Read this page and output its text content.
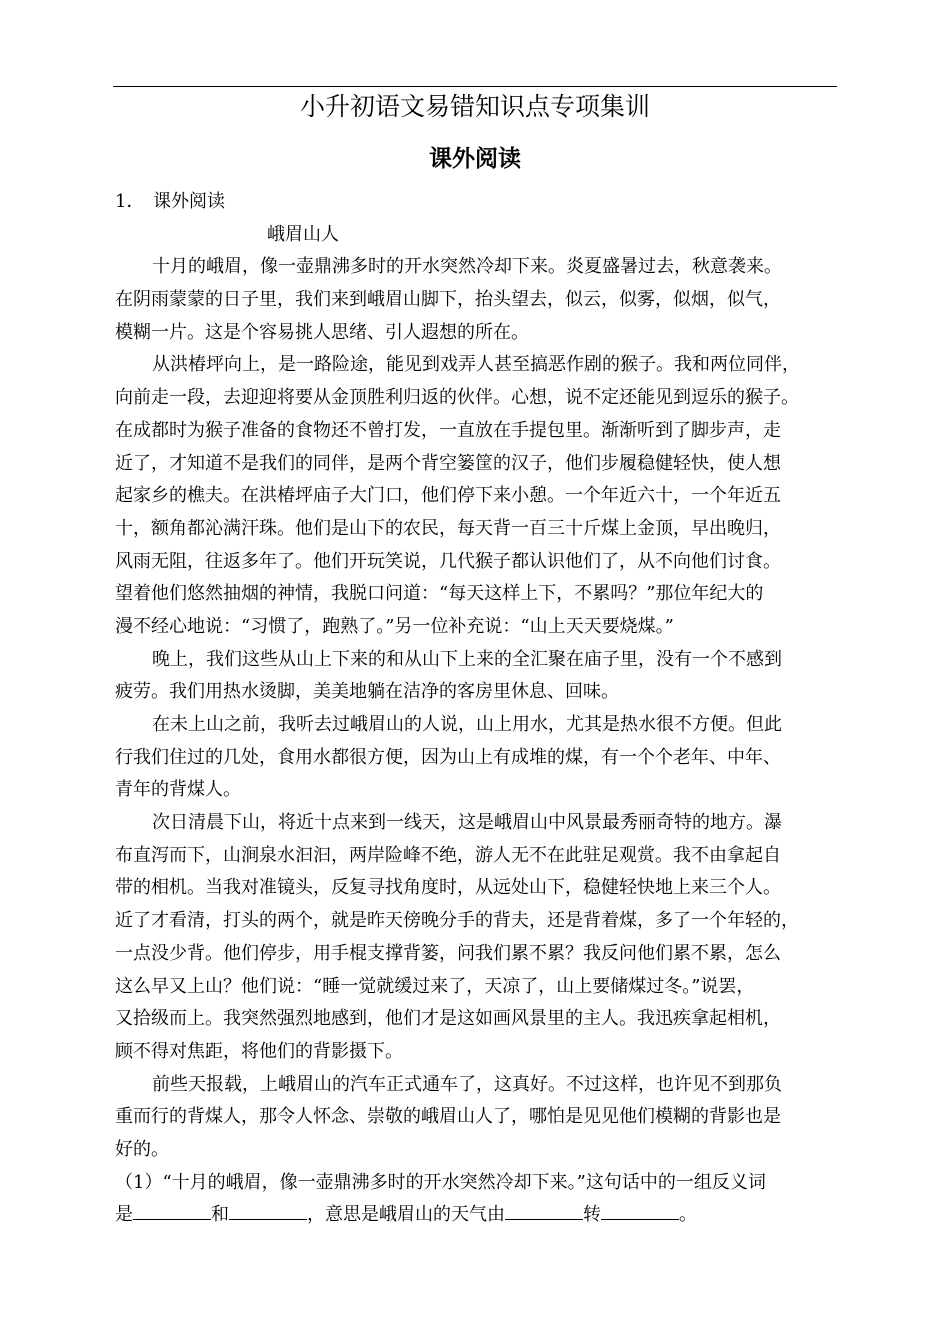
小升初语文易错知识点专项集训
课外阅读
1． 课外阅读
峨眉山人
十月的峨眉，像一壶鼎沸多时的开水突然冷却下来。炎夏盛暑过去，秋意袭来。
在阴雨蒙蒙的日子里，我们来到峨眉山脚下，抬头望去，似云，似雾，似烟，似气，
模糊一片。这是个容易挑人思绪、引人遐想的所在。
从洪椿坪向上，是一路险途，能见到戏弄人甚至搞恶作剧的猴子。我和两位同伴，
向前走一段，去迎迎将要从金顶胜利归返的伙伴。心想，说不定还能见到逗乐的猴子。
在成都时为猴子准备的食物还不曾打发，一直放在手提包里。渐渐听到了脚步声，走
近了，才知道不是我们的同伴，是两个背空篓筐的汉子，他们步履稳健轻快，使人想
起家乡的樵夫。在洪椿坪庙子大门口，他们停下来小憩。一个年近六十，一个年近五
十，额角都沁满汗珠。他们是山下的农民，每天背一百三十斤煤上金顶，早出晚归，
风雨无阻，往返多年了。他们开玩笑说，几代猴子都认识他们了，从不向他们讨食。
望着他们悠然抽烟的神情，我脱口问道：“每天这样上下，不累吗？”那位年纪大的
漫不经心地说：“习惯了，跑熟了。”另一位补充说：“山上天天要烧煤。”
晚上，我们这些从山上下来的和从山下上来的全汇聚在庙子里，没有一个不感到
疲劳。我们用热水烫脚，美美地躺在洁净的客房里休息、回味。
在未上山之前，我听去过峨眉山的人说，山上用水，尤其是热水很不方便。但此
行我们住过的几处，食用水都很方便，因为山上有成堆的煤，有一个个老年、中年、
青年的背煤人。
次日清晨下山，将近十点来到一线天，这是峨眉山中风景最秀丽奇特的地方。瀑
布直泻而下，山涧泉水汩汩，两岸险峰不绝，游人无不在此驻足观赏。我不由拿起自
带的相机。当我对准镜头，反复寻找角度时，从远处山下，稳健轻快地上来三个人。
近了才看清，打头的两个，就是昨天傍晚分手的背夫，还是背着煤，多了一个年轻的，
一点没少背。他们停步，用手棍支撑背篓，问我们累不累？我反问他们累不累，怎么
这么早又上山？他们说：“睡一觉就缓过来了，天凉了，山上要储煤过冬。”说罢，
又拾级而上。我突然强烈地感到，他们才是这如画风景里的主人。我迅疾拿起相机，
顾不得对焦距，将他们的背影摄下。
前些天报载，上峨眉山的汽车正式通车了，这真好。不过这样，也许见不到那负
重而行的背煤人，那令人怀念、崇敬的峨眉山人了，哪怕是见见他们模糊的背影也是
好的。
（1）“十月的峨眉，像一壶鼎沸多时的开水突然冷却下来。”这句话中的一组反义词
是	和	，意思是峨眉山的天气由	转	。
